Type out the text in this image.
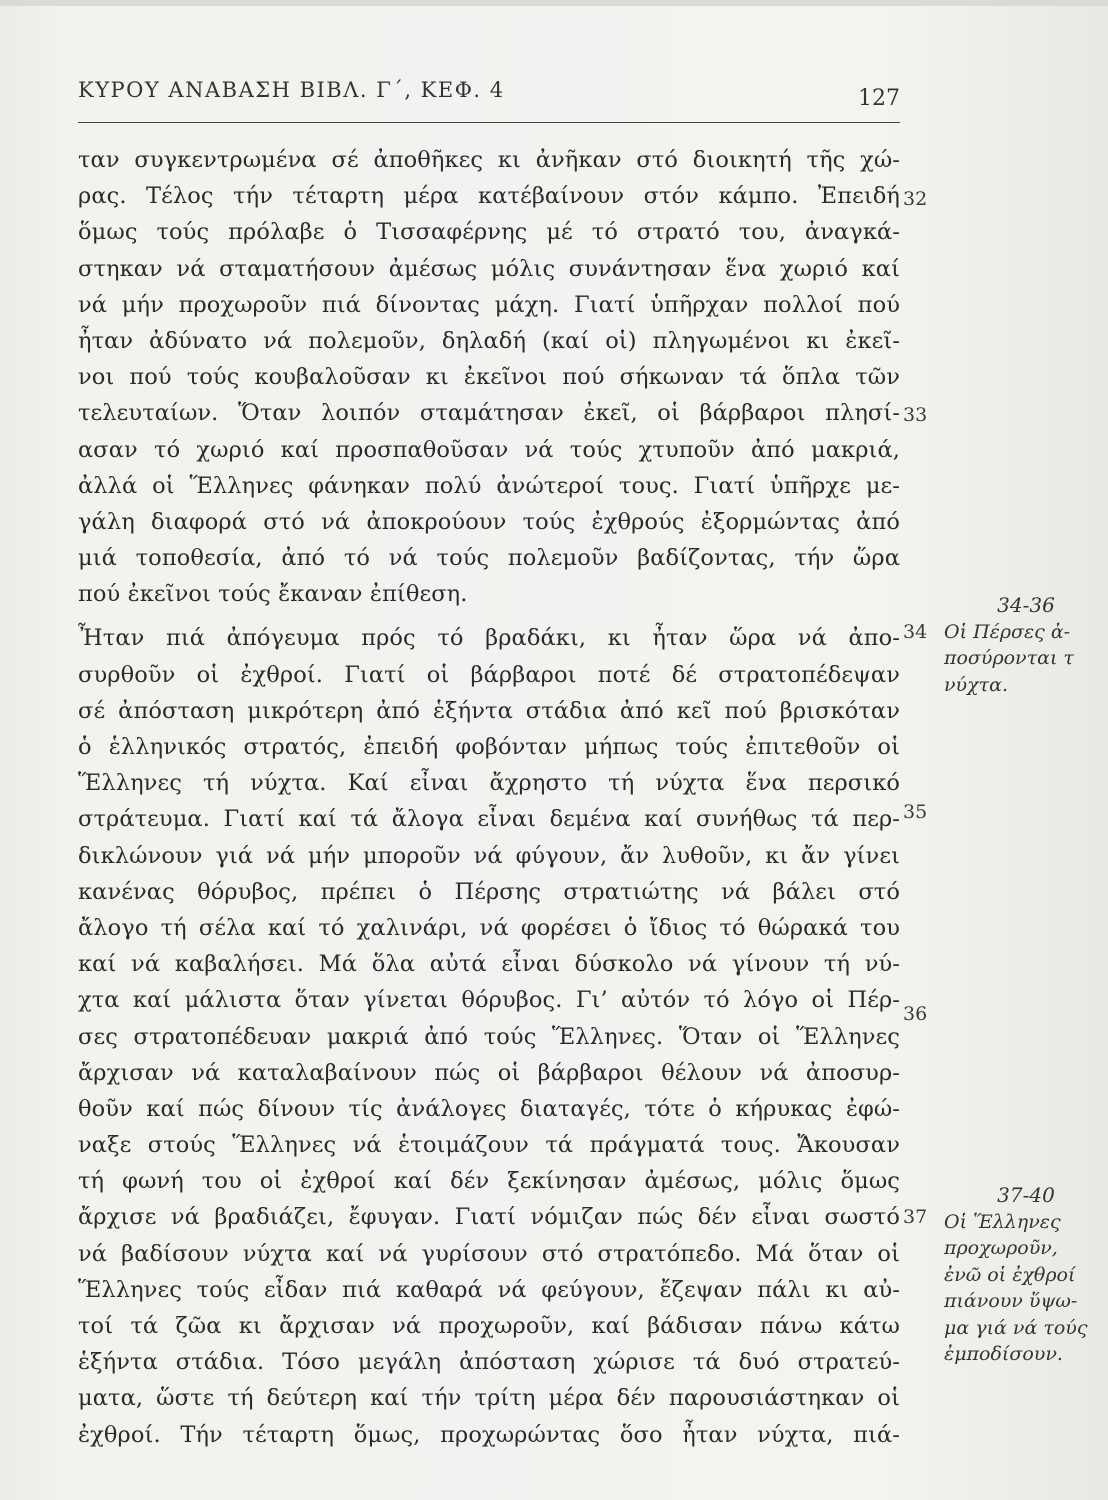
ΚΥΡΟΥ ΑΝΑΒΑΣΗ ΒΙΒΛ. Γ΄, ΚΕΦ. 4	127
ταν συγκεντρωμένα σέ ἀποθῆκες κι ἀνῆκαν στό διοικητή τῆς χώ-
ρας. Τέλος τήν τέταρτη μέρα κατέβαίνουν στόν κάμπο. Ἐπειδή
ὅμως τούς πρόλαβε ὁ Τισσαφέρνης μέ τό στρατό του, ἀναγκά-
στηκαν νά σταματήσουν ἀμέσως μόλις συνάντησαν ἕνα χωριό καί
νά μήν προχωροῦν πιά δίνοντας μάχη. Γιατί ὑπῆρχαν πολλοί πού
ἦταν ἀδύνατο νά πολεμοῦν, δηλαδή (καί οἱ) πληγωμένοι κι ἐκεῖ-
νοι πού τούς κουβαλοῦσαν κι ἐκεῖνοι πού σήκωναν τά ὅπλα τῶν
τελευταίων. Ὅταν λοιπόν σταμάτησαν ἐκεῖ, οἱ βάρβαροι πλησί-
ασαν τό χωριό καί προσπαθοῦσαν νά τούς χτυποῦν ἀπό μακριά,
ἀλλά οἱ Ἕλληνες φάνηκαν πολύ ἀνώτεροί τους. Γιατί ὑπῆρχε με-
γάλη διαφορά στό νά ἀποκρούουν τούς ἐχθρούς ἐξορμώντας ἀπό
μιά τοποθεσία, ἀπό τό νά τούς πολεμοῦν βαδίζοντας, τήν ὥρα
πού ἐκεῖνοι τούς ἔκαναν ἐπίθεση.
Ἦταν πιά ἀπόγευμα πρός τό βραδάκι, κι ἦταν ὥρα νά ἀπο-
συρθοῦν οἱ ἐχθροί. Γιατί οἱ βάρβαροι ποτέ δέ στρατοπέδεψαν
σέ ἀπόσταση μικρότερη ἀπό ἑξήντα στάδια ἀπό κεῖ πού βρισκόταν
ὁ ἑλληνικός στρατός, ἐπειδή φοβόνταν μήπως τούς ἐπιτεθοῦν οἱ
Ἕλληνες τή νύχτα. Καί εἶναι ἄχρηστο τή νύχτα ἕνα περσικό
στράτευμα. Γιατί καί τά ἄλογα εἶναι δεμένα καί συνήθως τά περ-
δικλώνουν γιά νά μήν μποροῦν νά φύγουν, ἄν λυθοῦν, κι ἄν γίνει
κανένας θόρυβος, πρέπει ὁ Πέρσης στρατιώτης νά βάλει στό
ἄλογο τή σέλα καί τό χαλινάρι, νά φορέσει ὁ ἴδιος τό θώρακά του
καί νά καβαλήσει. Μά ὅλα αὐτά εἶναι δύσκολο νά γίνουν τή νύ-
χτα καί μάλιστα ὅταν γίνεται θόρυβος. Γι’ αὐτόν τό λόγο οἱ Πέρ-
σες στρατοπέδευαν μακριά ἀπό τούς Ἕλληνες. Ὅταν οἱ Ἕλληνες
ἄρχισαν νά καταλαβαίνουν πώς οἱ βάρβαροι θέλουν νά ἀποσυρ-
θοῦν καί πώς δίνουν τίς ἀνάλογες διαταγές, τότε ὁ κήρυκας ἐφώ-
ναξε στούς Ἕλληνες νά ἑτοιμάζουν τά πράγματά τους. Ἄκουσαν
τή φωνή του οἱ ἐχθροί καί δέν ξεκίνησαν ἀμέσως, μόλις ὅμως
ἄρχισε νά βραδιάζει, ἔφυγαν. Γιατί νόμιζαν πώς δέν εἶναι σωστό
νά βαδίσουν νύχτα καί νά γυρίσουν στό στρατόπεδο. Μά ὅταν οἱ
Ἕλληνες τούς εἶδαν πιά καθαρά νά φεύγουν, ἔζεψαν πάλι κι αὐ-
τοί τά ζῶα κι ἄρχισαν νά προχωροῦν, καί βάδισαν πάνω κάτω
ἑξήντα στάδια. Τόσο μεγάλη ἀπόσταση χώρισε τά δυό στρατεύ-
ματα, ὥστε τή δεύτερη καί τήν τρίτη μέρα δέν παρουσιάστηκαν οἱ
ἐχθροί. Τήν τέταρτη ὅμως, προχωρώντας ὅσο ἦταν νύχτα, πιά-
32
33
34
35
36
37
34-36
Οἱ Πέρσες ἀ-
ποσύρονται τ
νύχτα.
37-40
Οἱ Ἕλληνες
προχωροῦν,
ἐνῶ οἱ ἐχθροί
πιάνουν ὕψω-
μα γιά νά τούς
ἐμποδίσουν.
